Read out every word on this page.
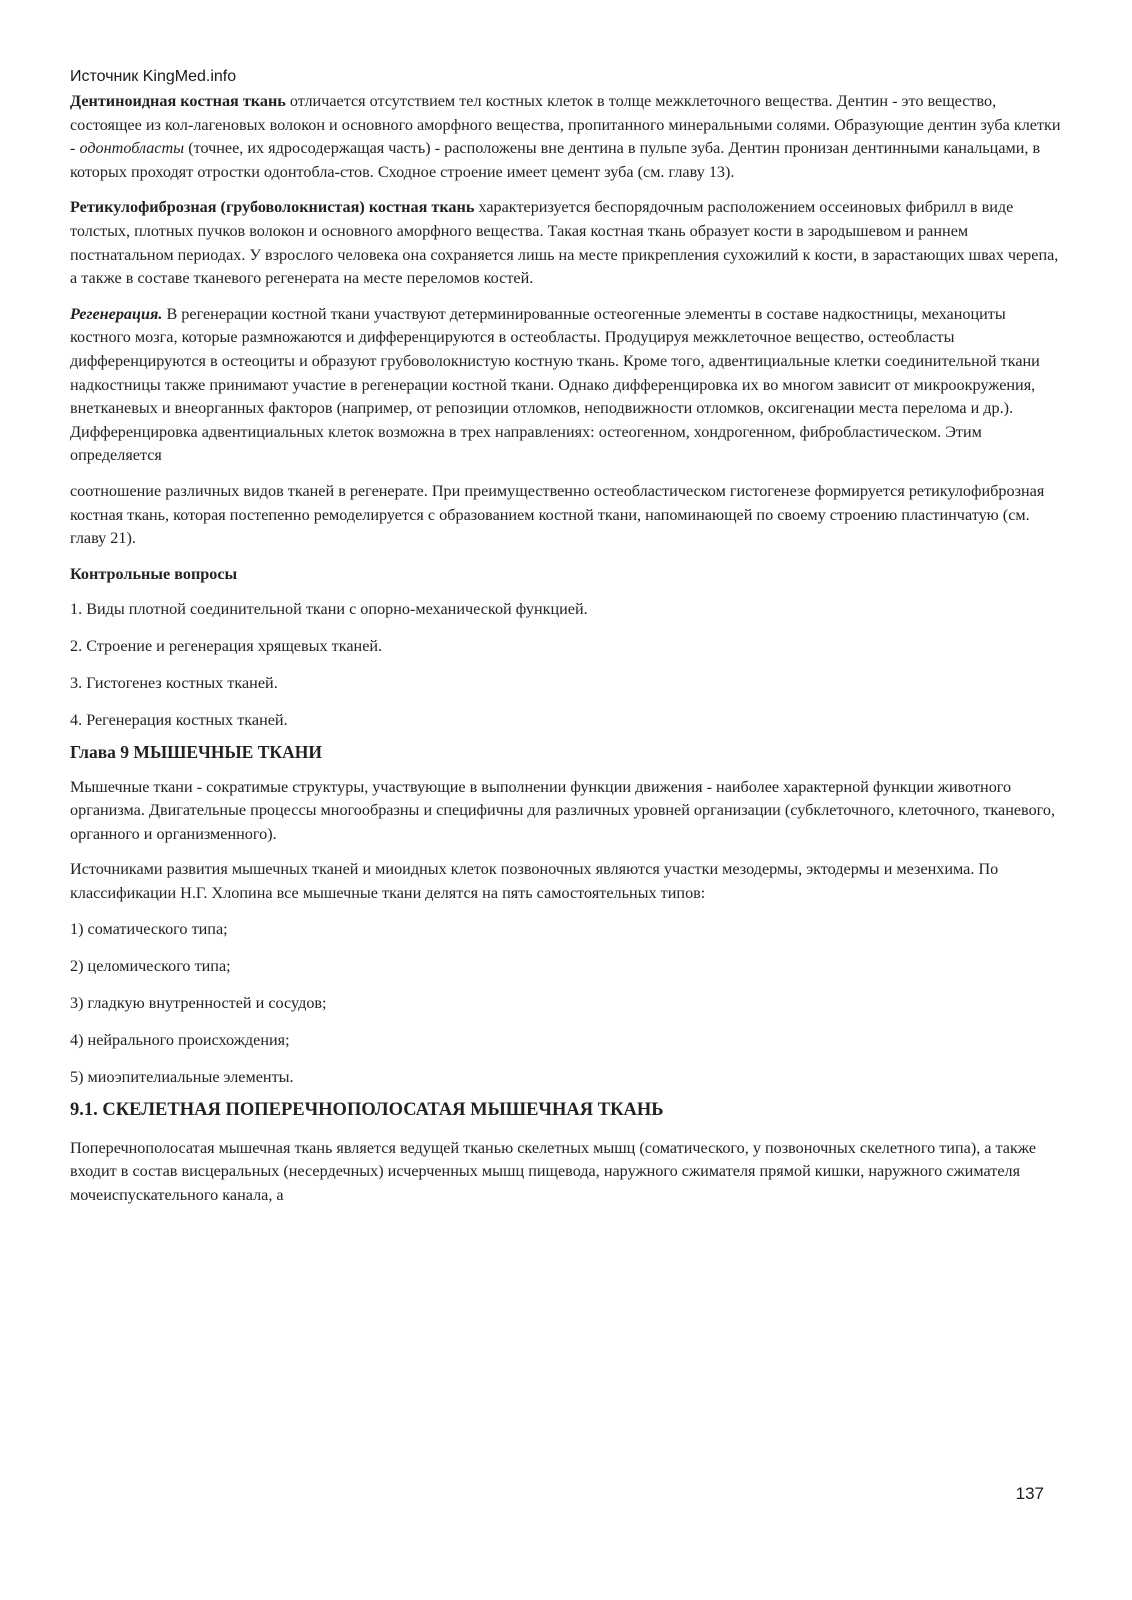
Источник KingMed.info

Дентиноидная костная ткань отличается отсутствием тел костных клеток в толще межклеточного вещества. Дентин - это вещество, состоящее из кол-лагеновых волокон и основного аморфного вещества, пропитанного минеральными солями. Образующие дентин зуба клетки - одонтобласты (точнее, их ядросодержащая часть) - расположены вне дентина в пульпе зуба. Дентин пронизан дентинными канальцами, в которых проходят отростки одонтобла-стов. Сходное строение имеет цемент зуба (см. главу 13).

Ретикулофиброзная (грубоволокнистая) костная ткань характеризуется беспорядочным расположением оссеиновых фибрилл в виде толстых, плотных пучков волокон и основного аморфного вещества. Такая костная ткань образует кости в зародышевом и раннем постнатальном периодах. У взрослого человека она сохраняется лишь на месте прикрепления сухожилий к кости, в зарастающих швах черепа, а также в составе тканевого регенерата на месте переломов костей.

Регенерация. В регенерации костной ткани участвуют детерминированные остеогенные элементы в составе надкостницы, механоциты костного мозга, которые размножаются и дифференцируются в остеобласты. Продуцируя межклеточное вещество, остеобласты дифференцируются в остеоциты и образуют грубоволокнистую костную ткань. Кроме того, адвентициальные клетки соединительной ткани надкостницы также принимают участие в регенерации костной ткани. Однако дифференцировка их во многом зависит от микроокружения, внетканевых и внеорганных факторов (например, от репозиции отломков, неподвижности отломков, оксигенации места перелома и др.).

Дифференцировка адвентициальных клеток возможна в трех направлениях: остеогенном, хондрогенном, фибробластическом. Этим определяется

соотношение различных видов тканей в регенерате. При преимущественно остеобластическом гистогенезе формируется ретикулофиброзная костная ткань, которая постепенно ремоделируется с образованием костной ткани, напоминающей по своему строению пластинчатую (см. главу 21).

Контрольные вопросы
1. Виды плотной соединительной ткани с опорно-механической функцией.
2. Строение и регенерация хрящевых тканей.
3. Гистогенез костных тканей.
4. Регенерация костных тканей.
Глава 9 МЫШЕЧНЫЕ ТКАНИ

Мышечные ткани - сократимые структуры, участвующие в выполнении функции движения - наиболее характерной функции животного организма. Двигательные процессы многообразны и специфичны для различных уровней организации (субклеточного, клеточного, тканевого, органного и организменного).

Источниками развития мышечных тканей и миоидных клеток позвоночных являются участки мезодермы, эктодермы и мезенхима. По классификации Н.Г. Хлопина все мышечные ткани делятся на пять самостоятельных типов:

1) соматического типа;
2) целомического типа;
3) гладкую внутренностей и сосудов;
4) нейрального происхождения;
5) миоэпителиальные элементы.
9.1. СКЕЛЕТНАЯ ПОПЕРЕЧНОПОЛОСАТАЯ МЫШЕЧНАЯ ТКАНЬ

Поперечнополосатая мышечная ткань является ведущей тканью скелетных мышц (соматического, у позвоночных скелетного типа), а также входит в состав висцеральных (несердечных) исчерченных мышц пищевода, наружного сжимателя прямой кишки, наружного сжимателя мочеиспускательного канала, а

137
